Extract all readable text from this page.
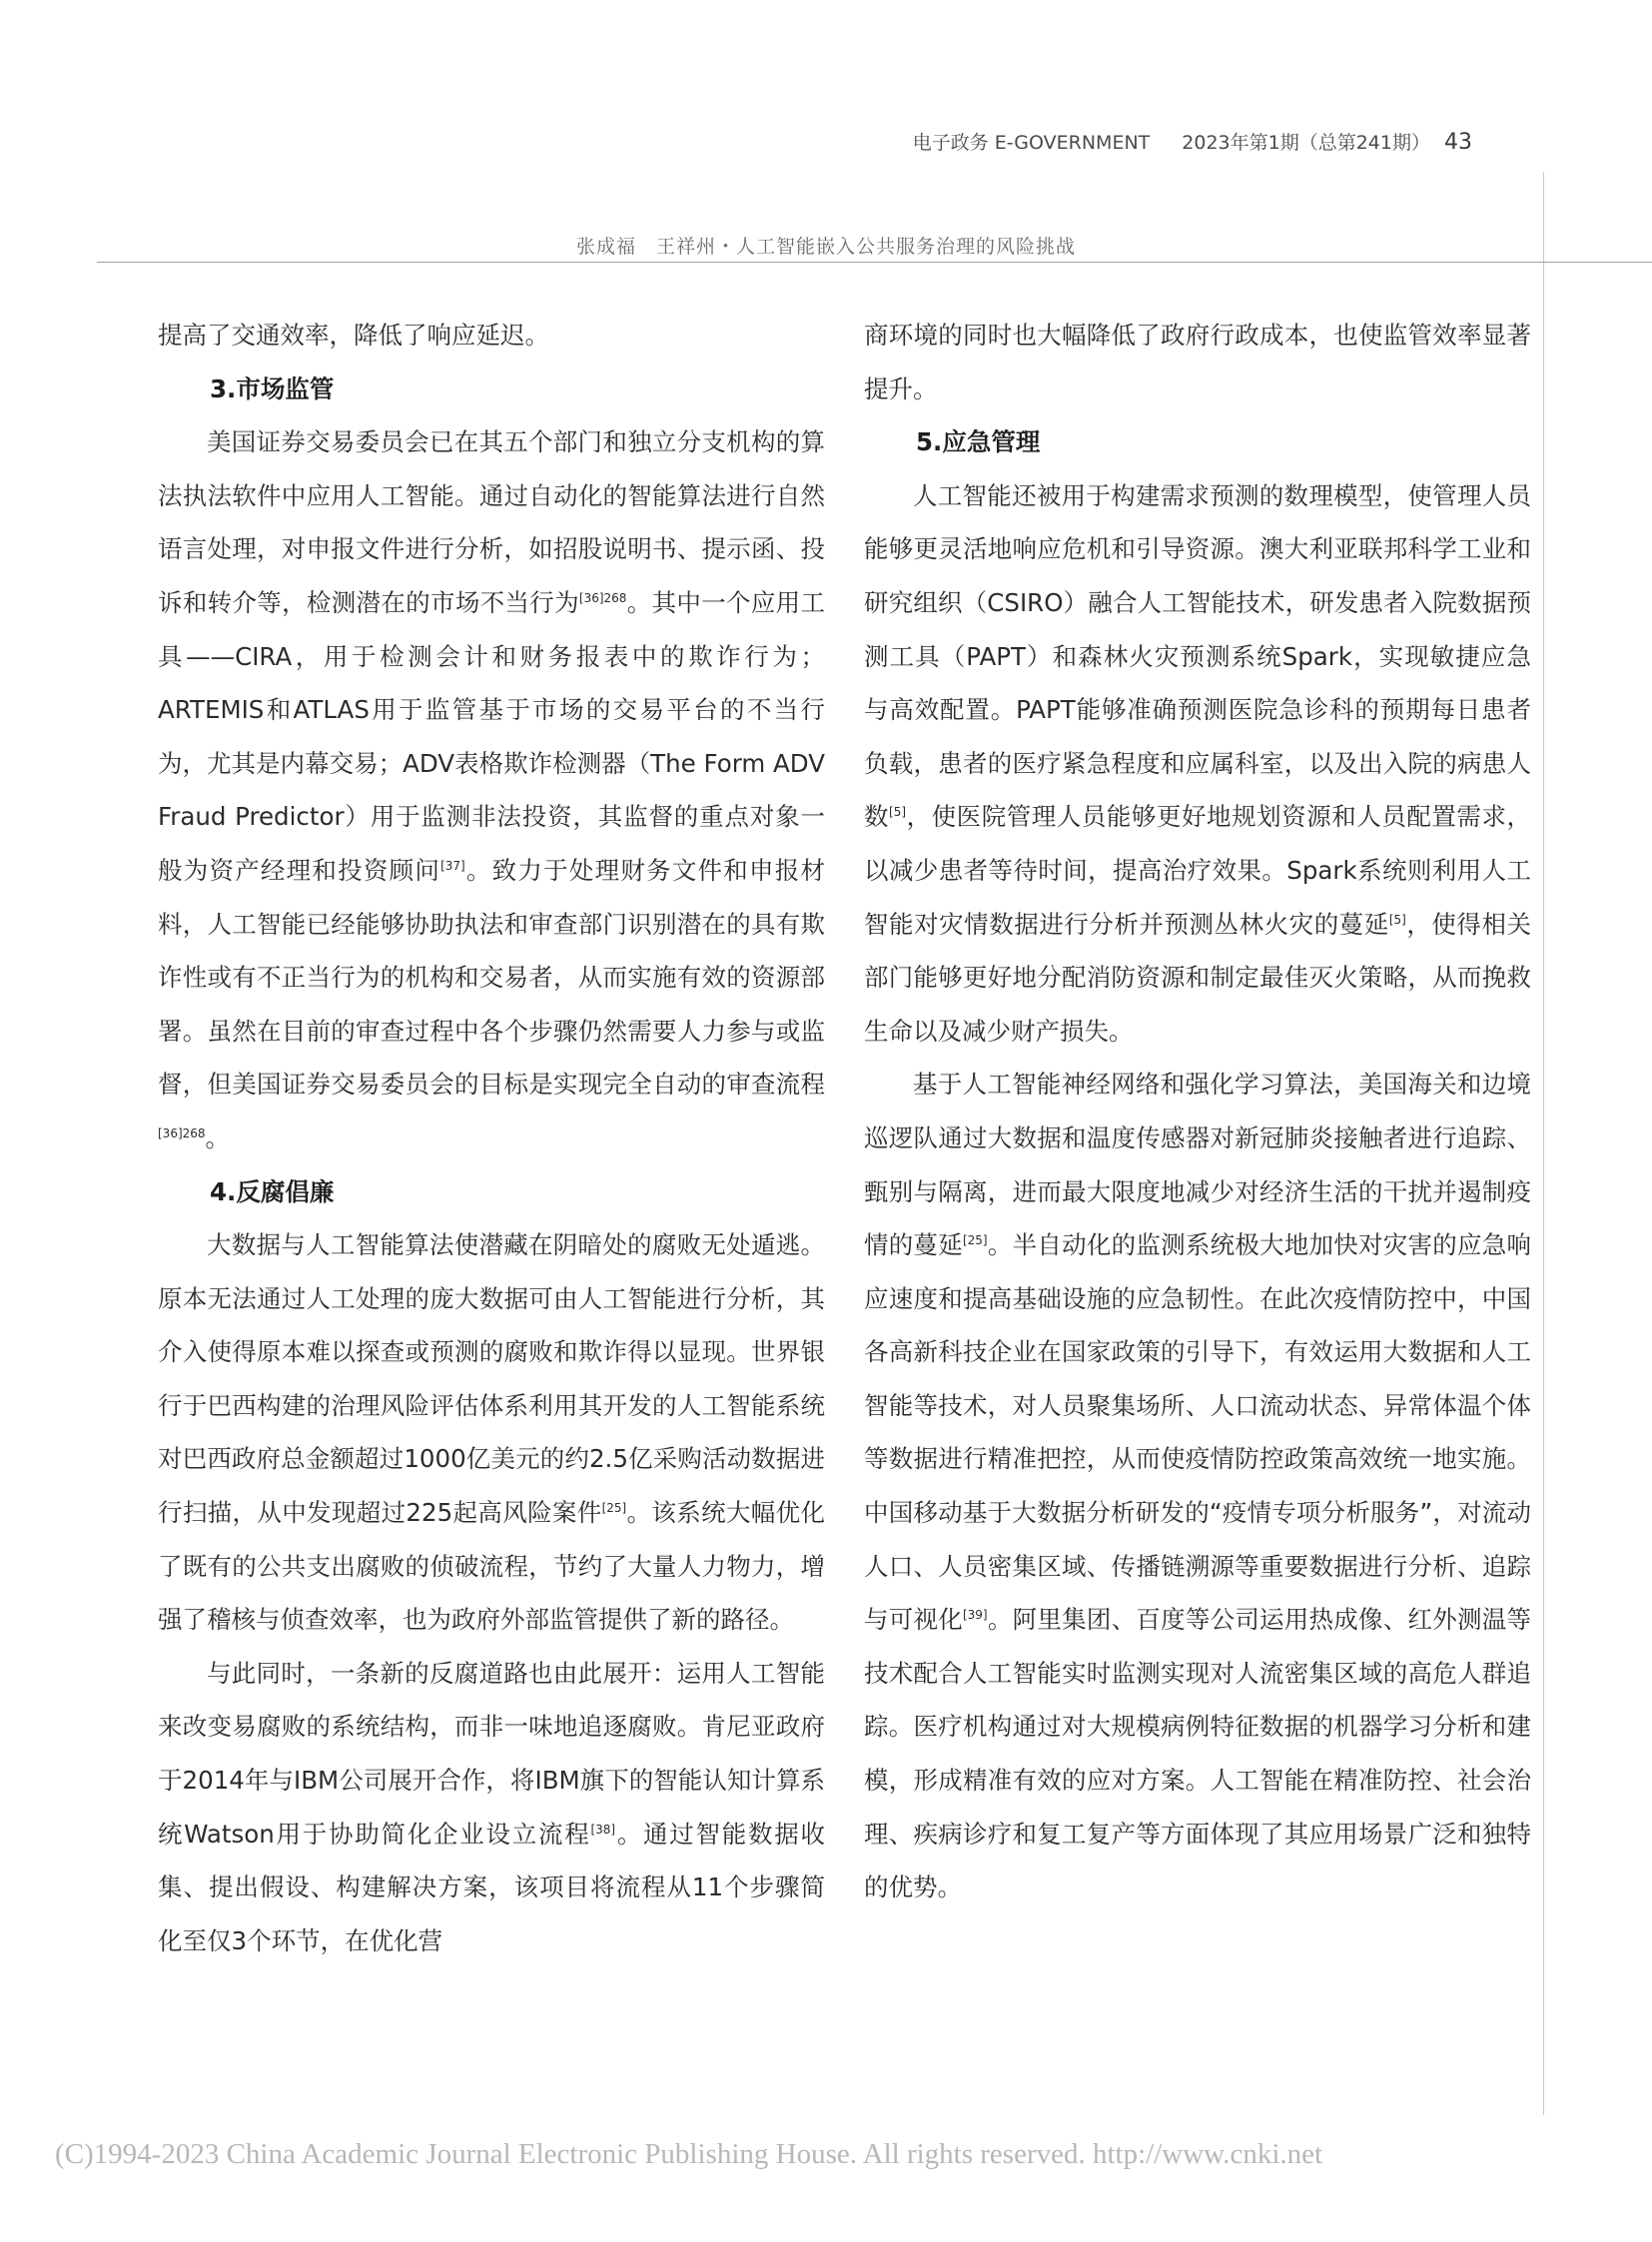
电子政务 E-GOVERNMENT 2023年第1期（总第241期） 43
张成福　王祥州・人工智能嵌入公共服务治理的风险挑战

提高了交通效率，降低了响应延迟。

3.市场监管

美国证券交易委员会已在其五个部门和独立分支机构的算法执法软件中应用人工智能。通过自动化的智能算法进行自然语言处理，对申报文件进行分析，如招股说明书、提示函、投诉和转介等，检测潜在的市场不当行为$^{[36]268}$。其中一个应用工具——CIRA，用于检测会计和财务报表中的欺诈行为；ARTEMIS和ATLAS用于监管基于市场的交易平台的不当行为，尤其是内幕交易；ADV表格欺诈检测器（The Form ADV Fraud Predictor）用于监测非法投资，其监督的重点对象一般为资产经理和投资顾问[37]。致力于处理财务文件和申报材料，人工智能已经能够协助执法和审查部门识别潜在的具有欺诈性或有不正当行为的机构和交易者，从而实施有效的资源部署。虽然在目前的审查过程中各个步骤仍然需要人力参与或监督，但美国证券交易委员会的目标是实现完全自动的审查流程$^{[36]268}$。

4.反腐倡廉

大数据与人工智能算法使潜藏在阴暗处的腐败无处遁逃。原本无法通过人工处理的庞大数据可由人工智能进行分析，其介入使得原本难以探查或预测的腐败和欺诈得以显现。世界银行于巴西构建的治理风险评估体系利用其开发的人工智能系统对巴西政府总金额超过1000亿美元的约2.5亿采购活动数据进行扫描，从中发现超过225起高风险案件[25]。该系统大幅优化了既有的公共支出腐败的侦破流程，节约了大量人力物力，增强了稽核与侦查效率，也为政府外部监管提供了新的路径。

与此同时，一条新的反腐道路也由此展开：运用人工智能来改变易腐败的系统结构，而非一味地追逐腐败。肯尼亚政府于2014年与IBM公司展开合作，将IBM旗下的智能认知计算系统Watson用于协助简化企业设立流程[38]。通过智能数据收集、提出假设、构建解决方案，该项目将流程从11个步骤简化至仅3个环节，在优化营

商环境的同时也大幅降低了政府行政成本，也使监管效率显著提升。

5.应急管理

人工智能还被用于构建需求预测的数理模型，使管理人员能够更灵活地响应危机和引导资源。澳大利亚联邦科学工业和研究组织（CSIRO）融合人工智能技术，研发患者入院数据预测工具（PAPT）和森林火灾预测系统Spark，实现敏捷应急与高效配置。PAPT能够准确预测医院急诊科的预期每日患者负载，患者的医疗紧急程度和应属科室，以及出入院的病患人数[5]，使医院管理人员能够更好地规划资源和人员配置需求，以减少患者等待时间，提高治疗效果。Spark系统则利用人工智能对灾情数据进行分析并预测丛林火灾的蔓延[5]，使得相关部门能够更好地分配消防资源和制定最佳灭火策略，从而挽救生命以及减少财产损失。

基于人工智能神经网络和强化学习算法，美国海关和边境巡逻队通过大数据和温度传感器对新冠肺炎接触者进行追踪、甄别与隔离，进而最大限度地减少对经济生活的干扰并遏制疫情的蔓延[25]。半自动化的监测系统极大地加快对灾害的应急响应速度和提高基础设施的应急韧性。在此次疫情防控中，中国各高新科技企业在国家政策的引导下，有效运用大数据和人工智能等技术，对人员聚集场所、人口流动状态、异常体温个体等数据进行精准把控，从而使疫情防控政策高效统一地实施。中国移动基于大数据分析研发的“疫情专项分析服务”，对流动人口、人员密集区域、传播链溯源等重要数据进行分析、追踪与可视化[39]。阿里集团、百度等公司运用热成像、红外测温等技术配合人工智能实时监测实现对人流密集区域的高危人群追踪。医疗机构通过对大规模病例特征数据的机器学习分析和建模，形成精准有效的应对方案。人工智能在精准防控、社会治理、疾病诊疗和复工复产等方面体现了其应用场景广泛和独特的优势。

(C)1994-2023 China Academic Journal Electronic Publishing House. All rights reserved. http://www.cnki.net
